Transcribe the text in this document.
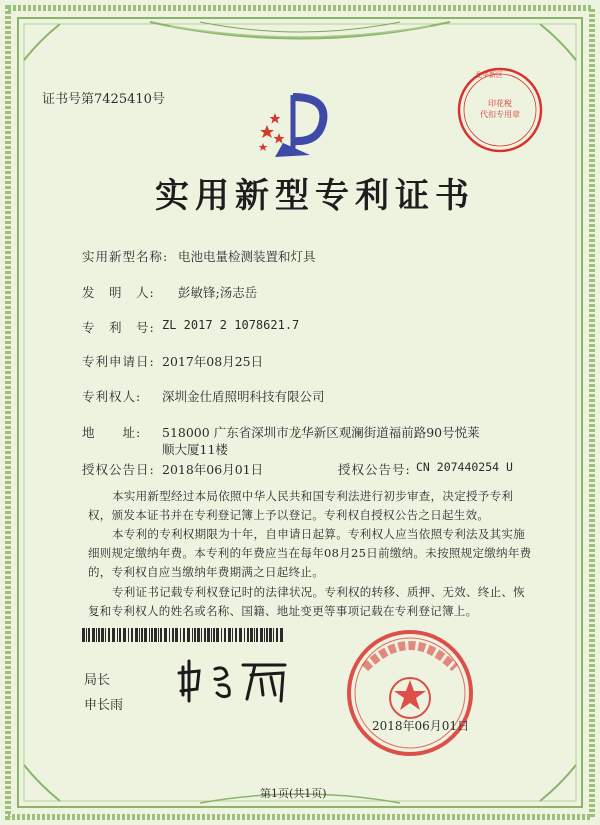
证书号第7425410号	印花税
代扣专用章
龙华新区
实用新型专利证书
实用新型名称: 电池电量检测装置和灯具
发　明　人: 彭敏锋;汤志岳
专　利　号: ZL 2017 2 1078621.7
专利申请日: 2017年08月25日
专利权人: 深圳金仕盾照明科技有限公司
地　　址: 518000 广东省深圳市龙华新区观澜街道福前路90号悦莱
顺大厦11楼
授权公告日: 2018年06月01日	授权公告号: CN 207440254 U
本实用新型经过本局依照中华人民共和国专利法进行初步审查，决定授予专利权，颁发本证书并在专利登记簿上予以登记。专利权自授权公告之日起生效。
本专利的专利权期限为十年，自申请日起算。专利权人应当依照专利法及其实施细则规定缴纳年费。本专利的年费应当在每年08月25日前缴纳。未按照规定缴纳年费的，专利权自应当缴纳年费期满之日起终止。
专利证书记载专利权登记时的法律状况。专利权的转移、质押、无效、终止、恢复和专利权人的姓名或名称、国籍、地址变更等事项记载在专利登记簿上。
局长
申长雨
2018年06月01日
第1页(共1页)
